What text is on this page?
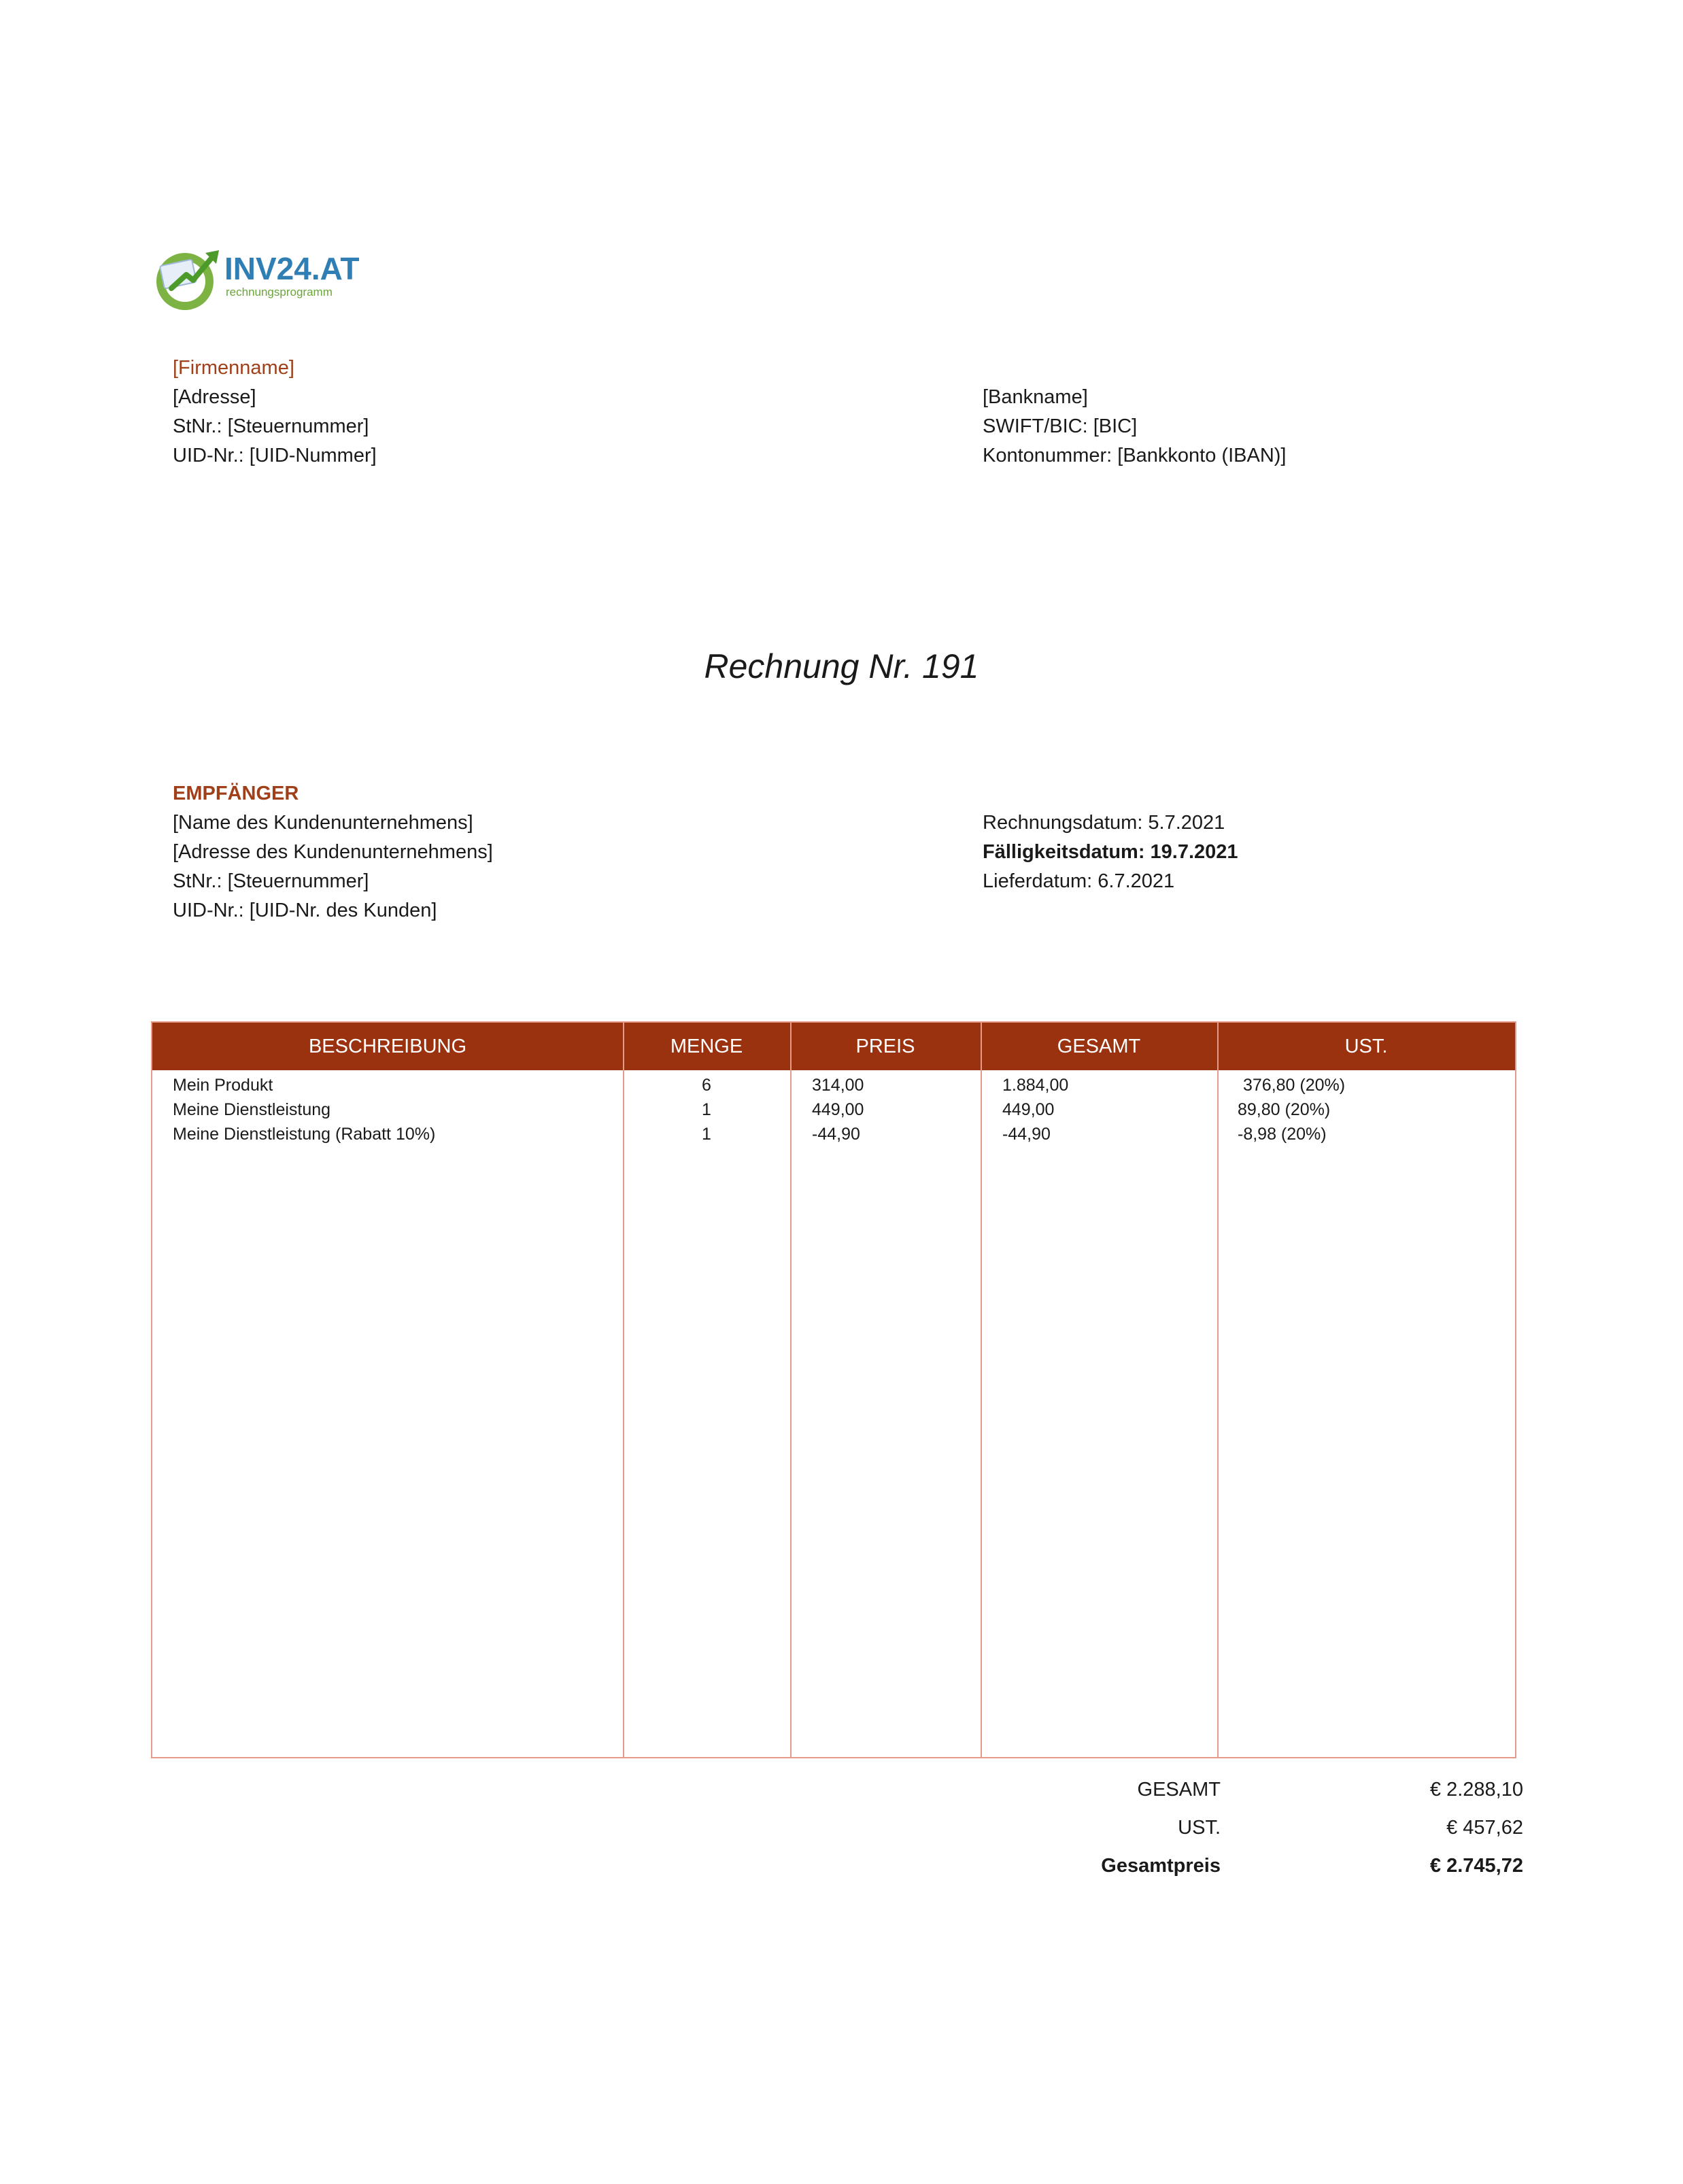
INV24.AT
rechnungsprogramm
[Firmenname]
[Adresse]
StNr.: [Steuernummer]
UID-Nr.: [UID-Nummer]
[Bankname]
SWIFT/BIC: [BIC]
Kontonummer: [Bankkonto (IBAN)]
Rechnung Nr. 191
EMPFÄNGER
[Name des Kundenunternehmens]
[Adresse des Kundenunternehmens]
StNr.: [Steuernummer]
UID-Nr.: [UID-Nr. des Kunden]
Rechnungsdatum: 5.7.2021
Fälligkeitsdatum: 19.7.2021
Lieferdatum: 6.7.2021
BESCHREIBUNG	MENGE	PREIS	GESAMT	UST.
Mein Produkt	6	314,00	1.884,00	376,80 (20%)
Meine Dienstleistung	1	449,00	449,00	89,80 (20%)
Meine Dienstleistung (Rabatt 10%)	1	-44,90	-44,90	-8,98 (20%)
GESAMT	€ 2.288,10
UST.	€ 457,62
Gesamtpreis	€ 2.745,72
